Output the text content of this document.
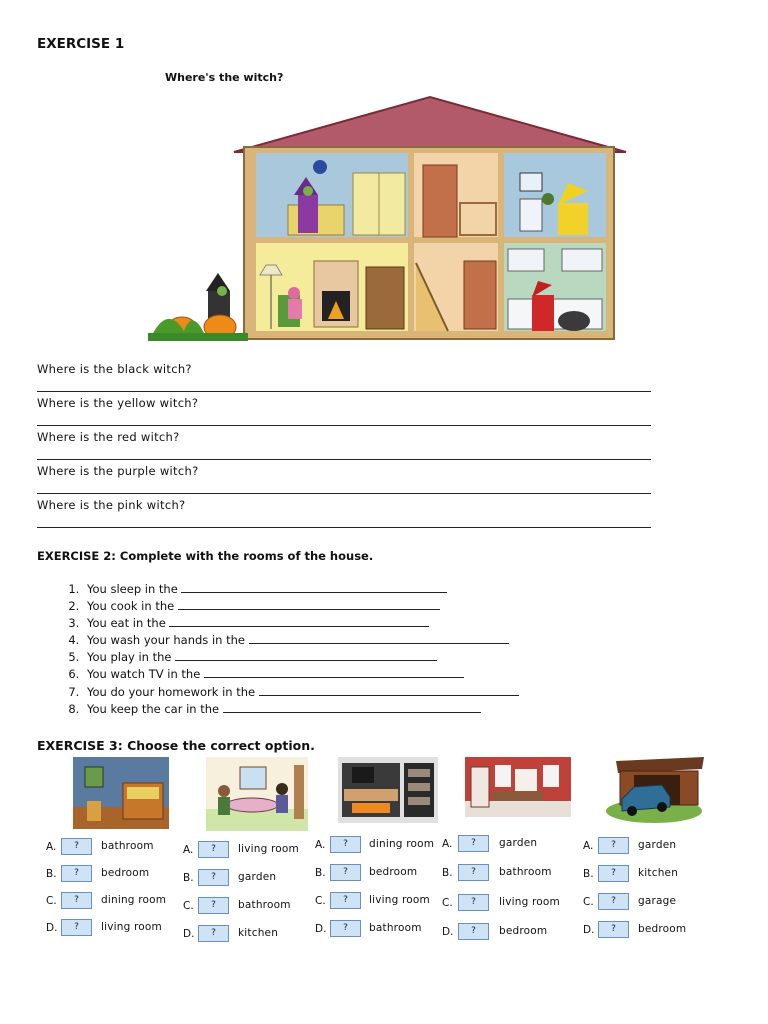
EXERCISE 1
Where's the witch?
Where is the black witch?
Where is the yellow witch?
Where is the red witch?
Where is the purple witch?
Where is the pink witch?
EXERCISE 2: Complete with the rooms of the house.
1. You sleep in the
2. You cook in the
3. You eat in the
4. You wash your hands in the
5. You play in the
6. You watch TV in the
7. You do your homework in the
8. You keep the car in the
EXERCISE 3: Choose the correct option.
A.	?	bathroom
B.	?	bedroom
C.	?	dining room
D.	?	living room
A.	?	living room
B.	?	garden
C.	?	bathroom
D.	?	kitchen
A.	?	dining room
B.	?	bedroom
C.	?	living room
D.	?	bathroom
A.	?	garden
B.	?	bathroom
C.	?	living room
D.	?	bedroom
A.	?	garden
B.	?	kitchen
C.	?	garage
D.	?	bedroom
